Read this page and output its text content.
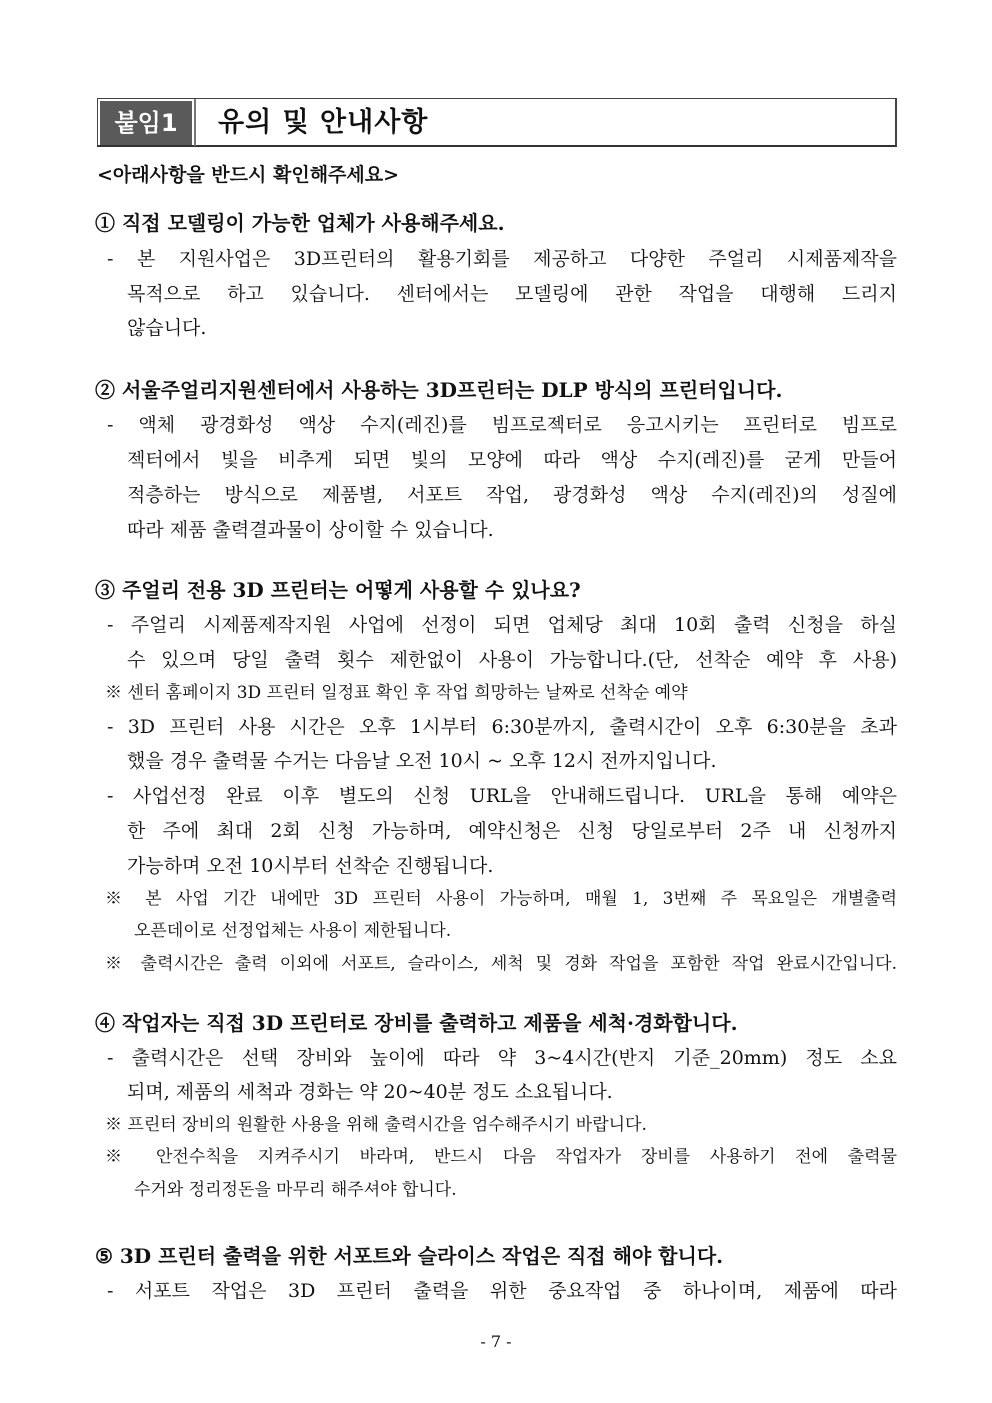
붙임1	유의 및 안내사항
<아래사항을 반드시 확인해주세요>
① 직접 모델링이 가능한 업체가 사용해주세요.
- 본 지원사업은 3D프린터의 활용기회를 제공하고 다양한 주얼리 시제품제작을
목적으로 하고 있습니다. 센터에서는 모델링에 관한 작업을 대행해 드리지
않습니다.
② 서울주얼리지원센터에서 사용하는 3D프린터는 DLP 방식의 프린터입니다.
- 액체 광경화성 액상 수지(레진)를 빔프로젝터로 응고시키는 프린터로 빔프로
젝터에서 빛을 비추게 되면 빛의 모양에 따라 액상 수지(레진)를 굳게 만들어
적층하는 방식으로 제품별, 서포트 작업, 광경화성 액상 수지(레진)의 성질에
따라 제품 출력결과물이 상이할 수 있습니다.
③ 주얼리 전용 3D 프린터는 어떻게 사용할 수 있나요?
- 주얼리 시제품제작지원 사업에 선정이 되면 업체당 최대 10회 출력 신청을 하실
수 있으며 당일 출력 횟수 제한없이 사용이 가능합니다.(단, 선착순 예약 후 사용)
※ 센터 홈페이지 3D 프린터 일정표 확인 후 작업 희망하는 날짜로 선착순 예약
- 3D 프린터 사용 시간은 오후 1시부터 6:30분까지, 출력시간이 오후 6:30분을 초과
했을 경우 출력물 수거는 다음날 오전 10시 ~ 오후 12시 전까지입니다.
- 사업선정 완료 이후 별도의 신청 URL을 안내해드립니다. URL을 통해 예약은
한 주에 최대 2회 신청 가능하며, 예약신청은 신청 당일로부터 2주 내 신청까지
가능하며 오전 10시부터 선착순 진행됩니다.
※ 본 사업 기간 내에만 3D 프린터 사용이 가능하며, 매월 1, 3번째 주 목요일은 개별출력
오픈데이로 선정업체는 사용이 제한됩니다.
※ 출력시간은 출력 이외에 서포트, 슬라이스, 세척 및 경화 작업을 포함한 작업 완료시간입니다.
④ 작업자는 직접 3D 프린터로 장비를 출력하고 제품을 세척·경화합니다.
- 출력시간은 선택 장비와 높이에 따라 약 3~4시간(반지 기준_20mm) 정도 소요
되며, 제품의 세척과 경화는 약 20~40분 정도 소요됩니다.
※ 프린터 장비의 원활한 사용을 위해 출력시간을 엄수해주시기 바랍니다.
※ 안전수칙을 지켜주시기 바라며, 반드시 다음 작업자가 장비를 사용하기 전에 출력물
수거와 정리정돈을 마무리 해주셔야 합니다.
⑤ 3D 프린터 출력을 위한 서포트와 슬라이스 작업은 직접 해야 합니다.
- 서포트 작업은 3D 프린터 출력을 위한 중요작업 중 하나이며, 제품에 따라
- 7 -
